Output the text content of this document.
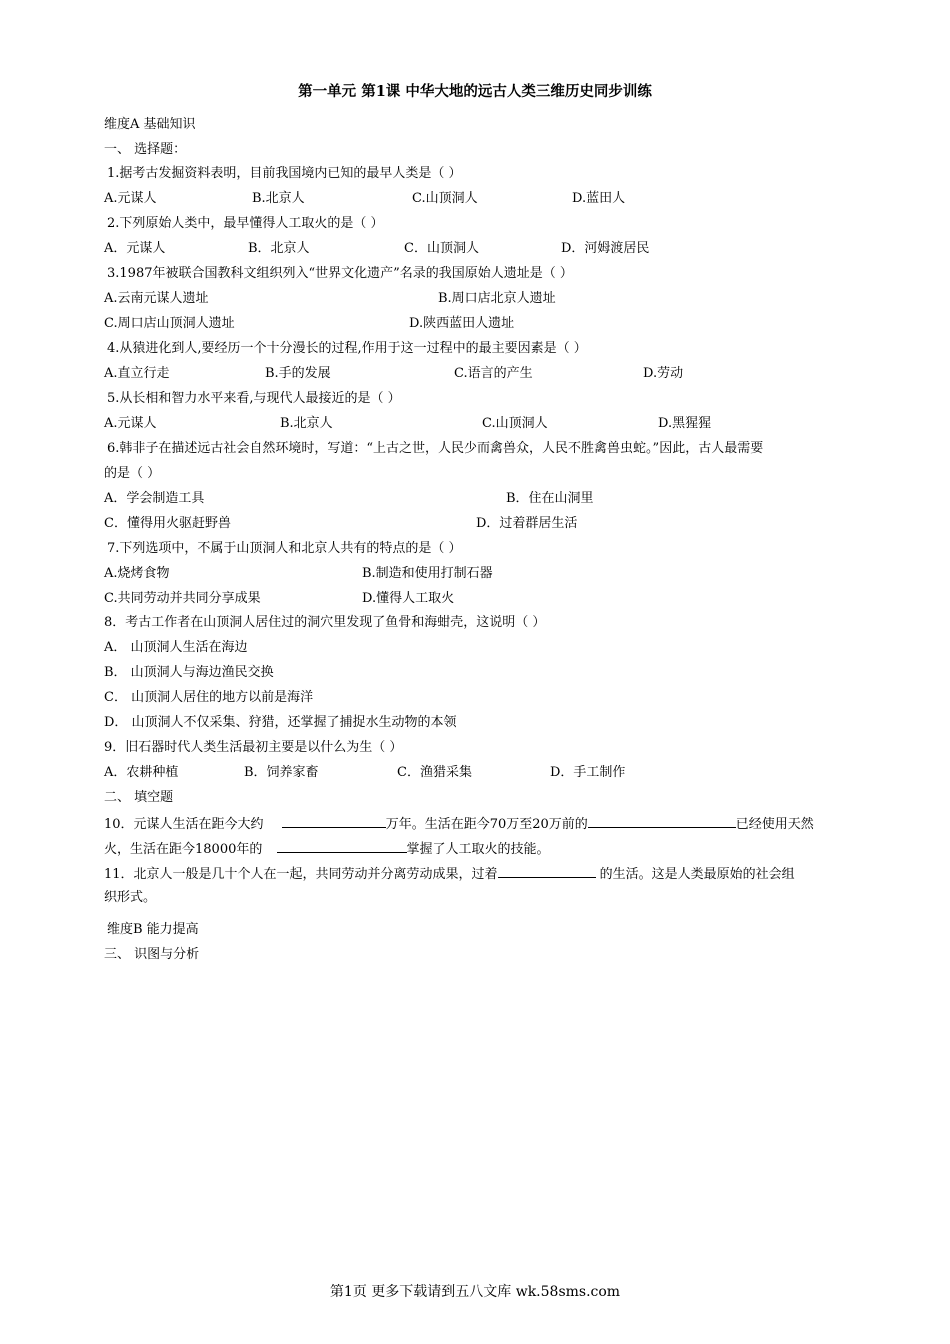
第一单元 第1课 中华大地的远古人类三维历史同步训练
维度A 基础知识
一、 选择题：
1.据考古发掘资料表明，目前我国境内已知的最早人类是（ ）
A.元谋人	B.北京人	C.山顶洞人	D.蓝田人
2.下列原始人类中，最早懂得人工取火的是（ ）
A．元谋人	B．北京人	C．山顶洞人	D．河姆渡居民
3.1987年被联合国教科文组织列入“世界文化遗产”名录的我国原始人遗址是（ ）
A.云南元谋人遗址	B.周口店北京人遗址
C.周口店山顶洞人遗址	D.陕西蓝田人遗址
4.从猿进化到人,要经历一个十分漫长的过程,作用于这一过程中的最主要因素是（ ）
A.直立行走	B.手的发展	C.语言的产生	D.劳动
5.从长相和智力水平来看,与现代人最接近的是（ ）
A.元谋人	B.北京人	C.山顶洞人	D.黑猩猩
6.韩非子在描述远古社会自然环境时，写道：“上古之世，人民少而禽兽众，人民不胜禽兽虫蛇。”因此，古人最需要
的是（ ）
A．学会制造工具	B．住在山洞里
C．懂得用火驱赶野兽	D．过着群居生活
7.下列选项中，不属于山顶洞人和北京人共有的特点的是（ ）
A.烧烤食物	B.制造和使用打制石器
C.共同劳动并共同分享成果	D.懂得人工取火
8．考古工作者在山顶洞人居住过的洞穴里发现了鱼骨和海蚶壳，这说明（ ）
A． 山顶洞人生活在海边
B． 山顶洞人与海边渔民交换
C． 山顶洞人居住的地方以前是海洋
D． 山顶洞人不仅采集、狩猎，还掌握了捕捉水生动物的本领
9．旧石器时代人类生活最初主要是以什么为生（ ）
A．农耕种植	B．饲养家畜	C．渔猎采集	D．手工制作
二、 填空题
10．元谋人生活在距今大约	万年。生活在距今70万至20万前的	已经使用天然
火，生活在距今18000年的	掌握了人工取火的技能。
11．北京人一般是几十个人在一起，共同劳动并分离劳动成果，过着	的生活。这是人类最原始的社会组
织形式。
维度B 能力提高
三、 识图与分析
第1页 更多下载请到五八文库 wk.58sms.com
